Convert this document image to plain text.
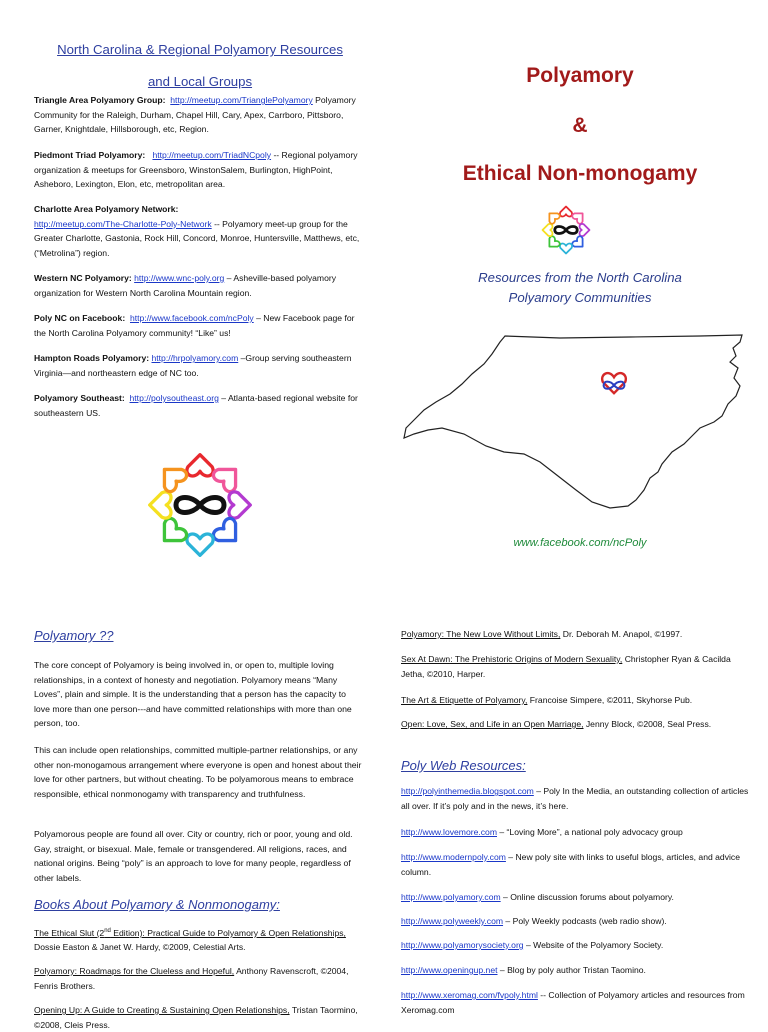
North Carolina & Regional Polyamory Resources
and Local Groups
Triangle Area Polyamory Group: http://meetup.com/TrianglePolyamory Polyamory Community for the Raleigh, Durham, Chapel Hill, Cary, Apex, Carrboro, Pittsboro, Garner, Knightdale, Hillsborough, etc, Region.
Piedmont Triad Polyamory: http://meetup.com/TriadNCpoly -- Regional polyamory organization & meetups for Greensboro, WinstonSalem, Burlington, HighPoint, Asheboro, Lexington, Elon, etc, metropolitan area.
Charlotte Area Polyamory Network:
http://meetup.com/The-Charlotte-Poly-Network -- Polyamory meet-up group for the Greater Charlotte, Gastonia, Rock Hill, Concord, Monroe, Huntersville, Matthews, etc, (“Metrolina”) region.
Western NC Polyamory: http://www.wnc-poly.org – Asheville-based polyamory organization for Western North Carolina Mountain region.
Poly NC on Facebook: http://www.facebook.com/ncPoly – New Facebook page for the North Carolina Polyamory community! “Like” us!
Hampton Roads Polyamory: http://hrpolyamory.com –Group serving southeastern Virginia—and northeastern edge of NC too.
Polyamory Southeast: http://polysoutheast.org – Atlanta-based regional website for southeastern US.
Polyamory
&
Ethical Non-monogamy
Resources from the North Carolina
Polyamory Communities
www.facebook.com/ncPoly
Polyamory ??
The core concept of Polyamory is being involved in, or open to, multiple loving relationships, in a context of honesty and negotiation. Polyamory means “Many Loves”, plain and simple. It is the understanding that a person has the capacity to love more than one person---and have committed relationships with more than one person, too.
This can include open relationships, committed multiple-partner relationships, or any other non-monogamous arrangement where everyone is open and honest about their love for other partners, but without cheating. To be polyamorous means to embrace responsible, ethical nonmonogamy with transparency and truthfulness.
Polyamorous people are found all over. City or country, rich or poor, young and old. Gay, straight, or bisexual. Male, female or transgendered. All religions, races, and national origins. Being “poly” is an approach to love for many people, regardless of other labels.
Books About Polyamory & Nonmonogamy:
The Ethical Slut (2nd Edition): Practical Guide to Polyamory & Open Relationships, Dossie Easton & Janet W. Hardy, ©2009, Celestial Arts.
Polyamory: Roadmaps for the Clueless and Hopeful, Anthony Ravenscroft, ©2004, Fenris Brothers.
Opening Up: A Guide to Creating & Sustaining Open Relationships, Tristan Taormino, ©2008, Cleis Press.
Polyamory: The New Love Without Limits, Dr. Deborah M. Anapol, ©1997.
Sex At Dawn: The Prehistoric Origins of Modern Sexuality, Christopher Ryan & Cacilda Jetha, ©2010, Harper.
The Art & Etiquette of Polyamory, Francoise Simpere, ©2011, Skyhorse Pub.
Open: Love, Sex, and Life in an Open Marriage, Jenny Block, ©2008, Seal Press.
Poly Web Resources:
http://polyinthemedia.blogspot.com – Poly In the Media, an outstanding collection of articles all over. If it’s poly and in the news, it’s here.
http://www.lovemore.com – “Loving More”, a national poly advocacy group
http://www.modernpoly.com – New poly site with links to useful blogs, articles, and advice column.
http://www.polyamory.com – Online discussion forums about polyamory.
http://www.polyweekly.com – Poly Weekly podcasts (web radio show).
http://www.polyamorysociety.org – Website of the Polyamory Society.
http://www.openingup.net – Blog by poly author Tristan Taomino.
http://www.xeromag.com/fvpoly.html -- Collection of Polyamory articles and resources from Xeromag.com
